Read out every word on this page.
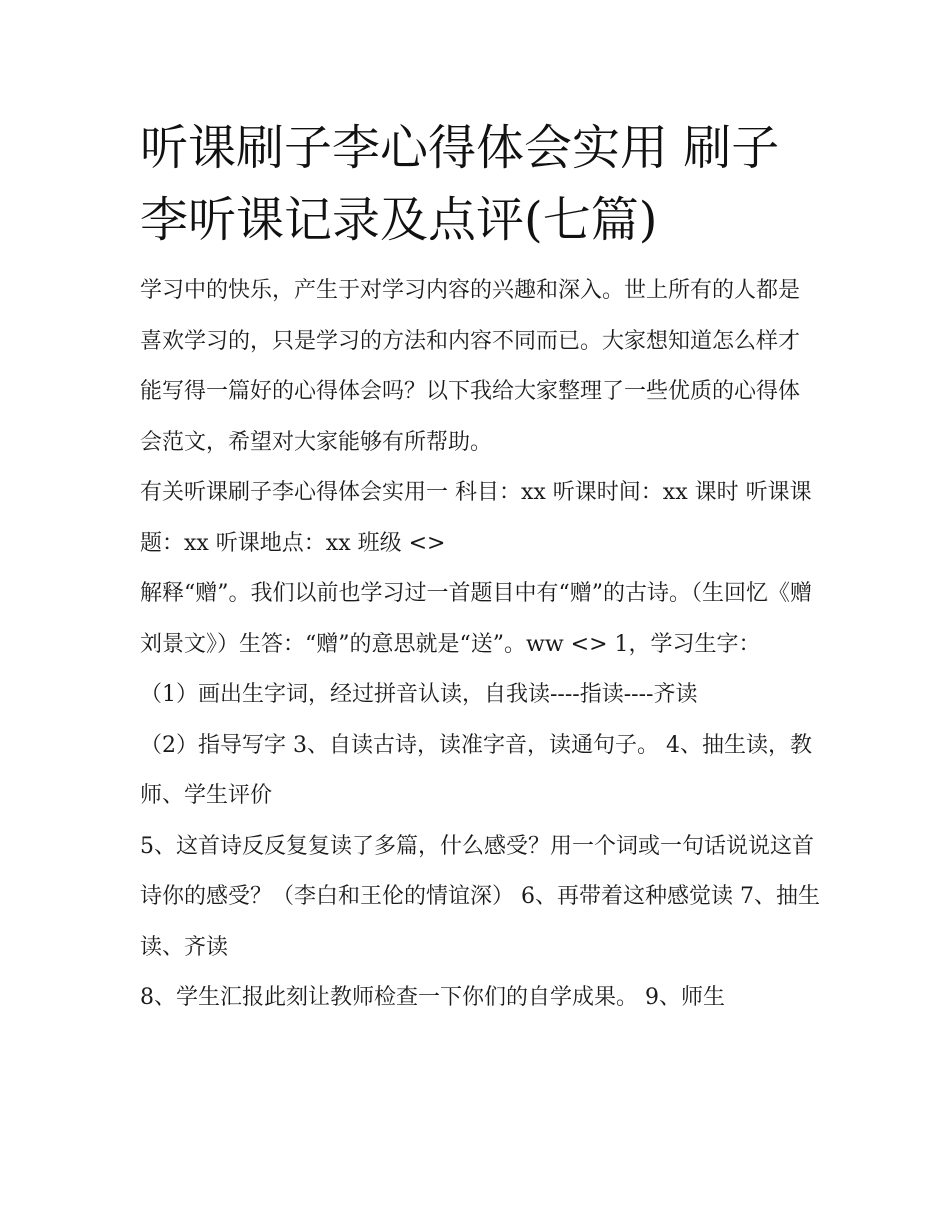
听课刷子李心得体会实用 刷子李听课记录及点评(七篇)

学习中的快乐，产生于对学习内容的兴趣和深入。世上所有的人都是喜欢学习的，只是学习的方法和内容不同而已。大家想知道怎么样才能写得一篇好的心得体会吗？以下我给大家整理了一些优质的心得体会范文，希望对大家能够有所帮助。

有关听课刷子李心得体会实用一 科目：xx 听课时间：xx 课时 听课课题：xx 听课地点：xx 班级 <>

解释“赠”。我们以前也学习过一首题目中有“赠”的古诗。（生回忆《赠刘景文》）生答：“赠”的意思就是“送”。ww <> 1，学习生字：

（1）画出生字词，经过拼音认读，自我读----指读----齐读

（2）指导写字 3、自读古诗，读准字音，读通句子。 4、抽生读，教师、学生评价

5、这首诗反反复复读了多篇，什么感受？用一个词或一句话说说这首诗你的感受？（李白和王伦的情谊深） 6、再带着这种感觉读 7、抽生读、齐读

8、学生汇报此刻让教师检查一下你们的自学成果。 9、师生
